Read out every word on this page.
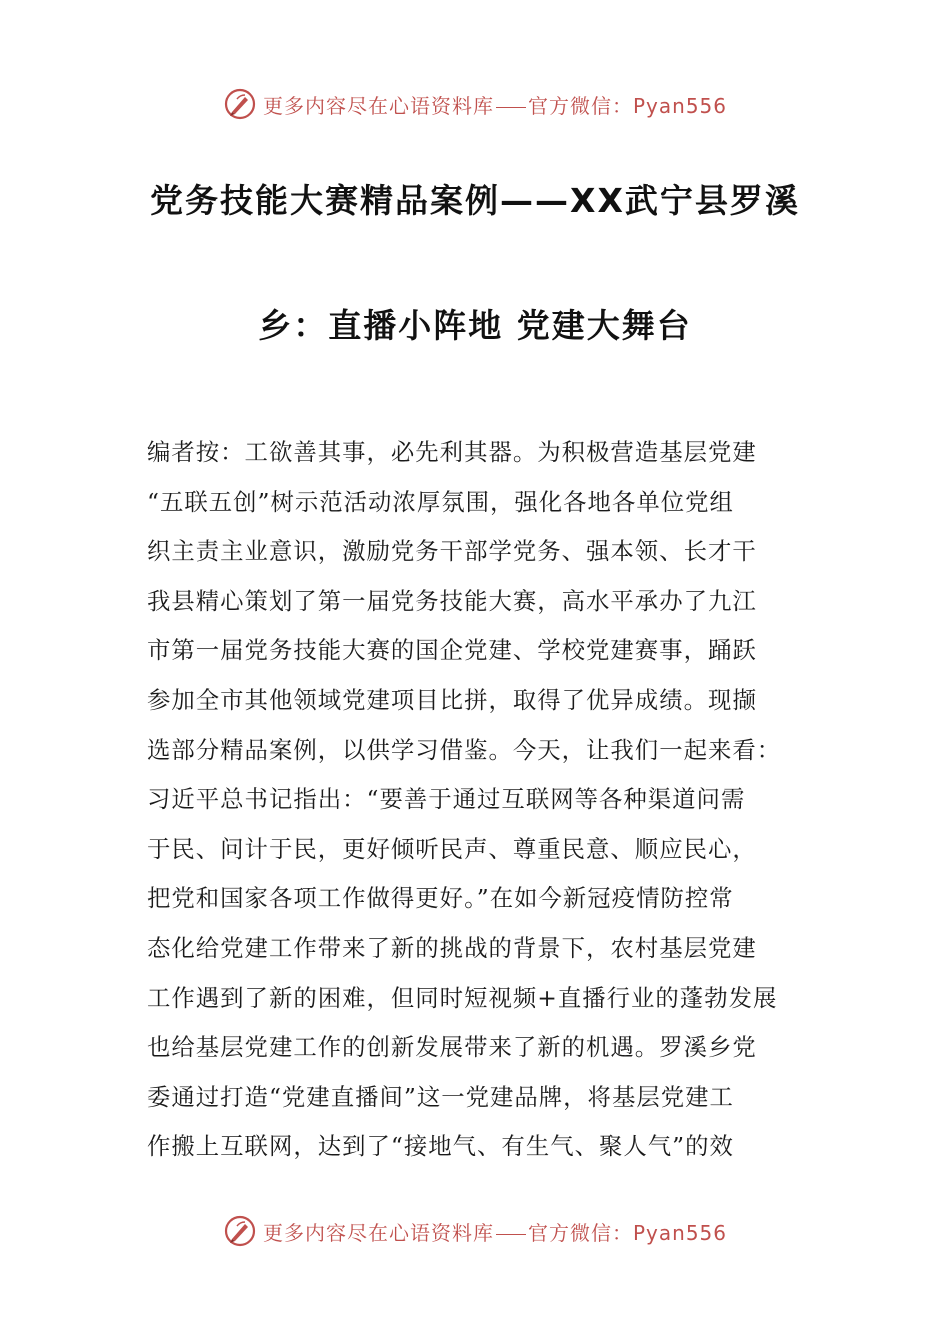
更多内容尽在心语资料库 官方微信：Pyan556
党务技能大赛精品案例——XX武宁县罗溪
乡：直播小阵地 党建大舞台
编者按：工欲善其事，必先利其器。为积极营造基层党建
“五联五创”树示范活动浓厚氛围，强化各地各单位党组
织主责主业意识，激励党务干部学党务、强本领、长才干
我县精心策划了第一届党务技能大赛，高水平承办了九江
市第一届党务技能大赛的国企党建、学校党建赛事，踊跃
参加全市其他领域党建项目比拼，取得了优异成绩。现撷
选部分精品案例，以供学习借鉴。今天，让我们一起来看：
习近平总书记指出：“要善于通过互联网等各种渠道问需
于民、问计于民，更好倾听民声、尊重民意、顺应民心，
把党和国家各项工作做得更好。”在如今新冠疫情防控常
态化给党建工作带来了新的挑战的背景下，农村基层党建
工作遇到了新的困难，但同时短视频+直播行业的蓬勃发展
也给基层党建工作的创新发展带来了新的机遇。罗溪乡党
委通过打造“党建直播间”这一党建品牌，将基层党建工
作搬上互联网，达到了“接地气、有生气、聚人气”的效
更多内容尽在心语资料库 官方微信：Pyan556
